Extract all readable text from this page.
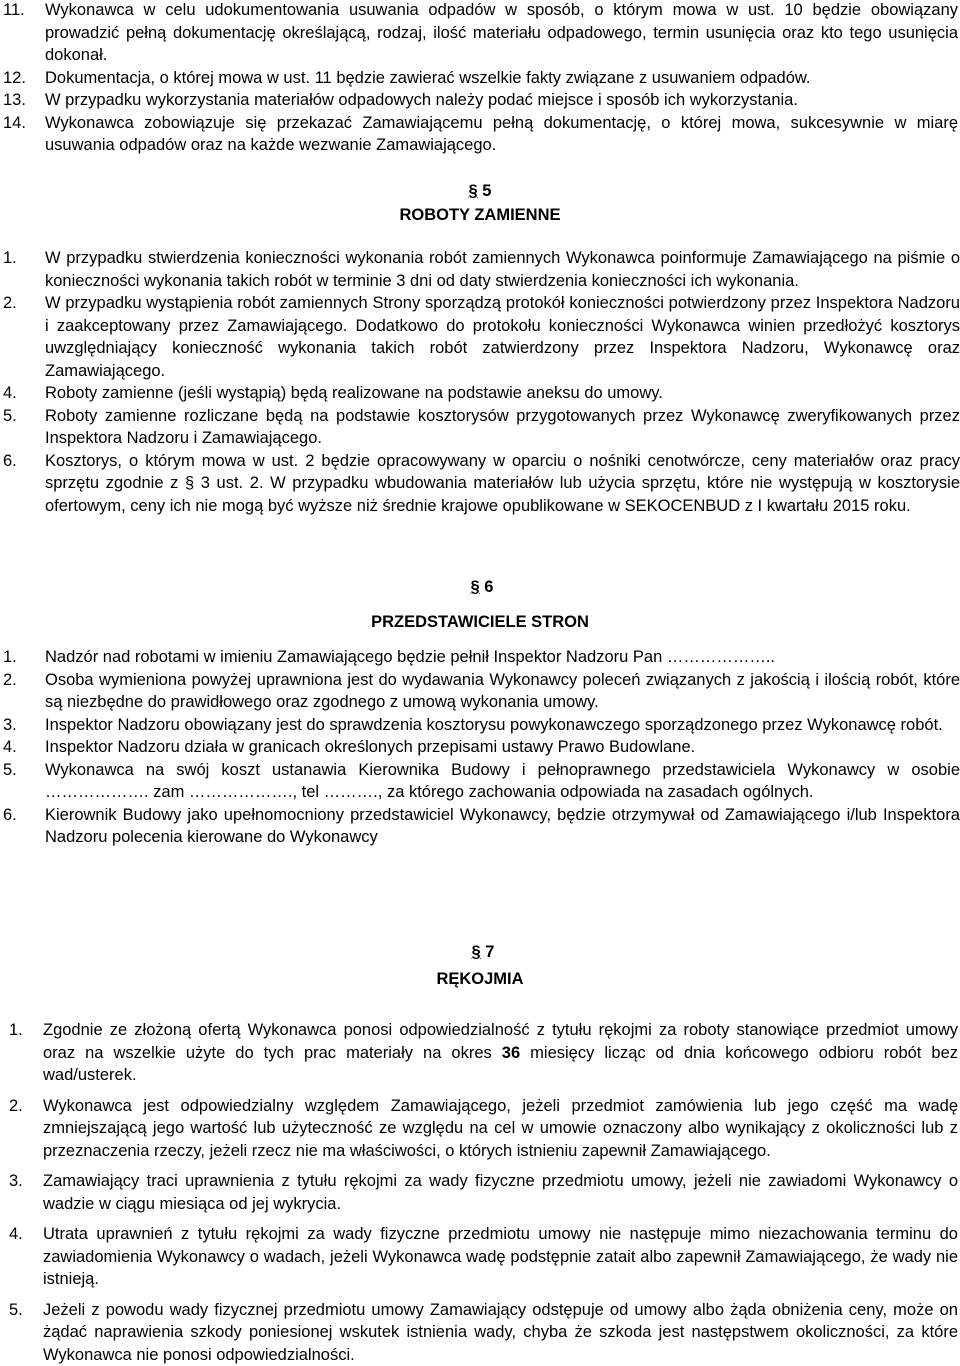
11.	Wykonawca w celu udokumentowania usuwania odpadów w sposób, o którym mowa w ust. 10 będzie obowiązany prowadzić pełną dokumentację określającą, rodzaj, ilość materiału odpadowego, termin usunięcia oraz kto tego usunięcia dokonał.
12.	Dokumentacja, o której mowa w ust. 11 będzie zawierać wszelkie fakty związane z usuwaniem odpadów.
13.	W przypadku wykorzystania materiałów odpadowych należy podać miejsce i sposób ich wykorzystania.
14.	Wykonawca zobowiązuje się przekazać Zamawiającemu pełną dokumentację, o której mowa, sukcesywnie w miarę usuwania odpadów oraz na każde wezwanie Zamawiającego.
§ 5
ROBOTY ZAMIENNE
1.	W przypadku stwierdzenia konieczności wykonania robót zamiennych Wykonawca poinformuje Zamawiającego na piśmie o konieczności wykonania takich robót w terminie 3 dni od daty stwierdzenia konieczności ich wykonania.
2.	W przypadku wystąpienia robót zamiennych Strony sporządzą protokół konieczności potwierdzony przez Inspektora Nadzoru i zaakceptowany przez Zamawiającego. Dodatkowo do protokołu konieczności Wykonawca winien przedłożyć kosztorys uwzględniający konieczność wykonania takich robót zatwierdzony przez Inspektora Nadzoru, Wykonawcę oraz Zamawiającego.
4.	Roboty zamienne (jeśli wystąpią) będą realizowane na podstawie aneksu do umowy.
5.	Roboty zamienne rozliczane będą na podstawie kosztorysów przygotowanych przez Wykonawcę zweryfikowanych przez Inspektora Nadzoru i Zamawiającego.
6.	Kosztorys, o którym mowa w ust. 2 będzie opracowywany w oparciu o nośniki cenotwórcze, ceny materiałów oraz pracy sprzętu zgodnie z § 3 ust. 2. W przypadku wbudowania materiałów lub użycia sprzętu, które nie występują w kosztorysie ofertowym, ceny ich nie mogą być wyższe niż średnie krajowe opublikowane w SEKOCENBUD z I kwartału 2015 roku.
§ 6
PRZEDSTAWICIELE STRON
1.	Nadzór nad robotami w imieniu Zamawiającego będzie pełnił Inspektor Nadzoru Pan ………………..
2.	Osoba wymieniona powyżej uprawniona jest do wydawania Wykonawcy poleceń związanych z jakością i ilością robót, które są niezbędne do prawidłowego oraz zgodnego z umową wykonania umowy.
3.	Inspektor Nadzoru obowiązany jest do sprawdzenia kosztorysu powykonawczego sporządzonego przez Wykonawcę robót.
4.	Inspektor Nadzoru działa w granicach określonych przepisami ustawy Prawo Budowlane.
5.	Wykonawca na swój koszt ustanawia Kierownika Budowy i pełnoprawnego przedstawiciela Wykonawcy w osobie ………………. zam ………………., tel ………., za którego zachowania odpowiada na zasadach ogólnych.
6.	Kierownik Budowy jako upełnomocniony przedstawiciel Wykonawcy, będzie otrzymywał od Zamawiającego i/lub Inspektora Nadzoru polecenia kierowane do Wykonawcy
§ 7
RĘKOJMIA
1.	Zgodnie ze złożoną ofertą Wykonawca ponosi odpowiedzialność z tytułu rękojmi za roboty stanowiące przedmiot umowy oraz na wszelkie użyte do tych prac materiały na okres 36 miesięcy licząc od dnia końcowego odbioru robót bez wad/usterek.
2.	Wykonawca jest odpowiedzialny względem Zamawiającego, jeżeli przedmiot zamówienia lub jego część ma wadę zmniejszającą jego wartość lub użyteczność ze względu na cel w umowie oznaczony albo wynikający z okoliczności lub z przeznaczenia rzeczy, jeżeli rzecz nie ma właściwości, o których istnieniu zapewnił Zamawiającego.
3.	Zamawiający traci uprawnienia z tytułu rękojmi za wady fizyczne przedmiotu umowy, jeżeli nie zawiadomi Wykonawcy o wadzie w ciągu miesiąca od jej wykrycia.
4.	Utrata uprawnień z tytułu rękojmi za wady fizyczne przedmiotu umowy nie następuje mimo niezachowania terminu do zawiadomienia Wykonawcy o wadach, jeżeli Wykonawca wadę podstępnie zatait albo zapewnił Zamawiającego, że wady nie istnieją.
5.	Jeżeli z powodu wady fizycznej przedmiotu umowy Zamawiający odstępuje od umowy albo żąda obniżenia ceny, może on żądać naprawienia szkody poniesionej wskutek istnienia wady, chyba że szkoda jest następstwem okoliczności, za które Wykonawca nie ponosi odpowiedzialności.
